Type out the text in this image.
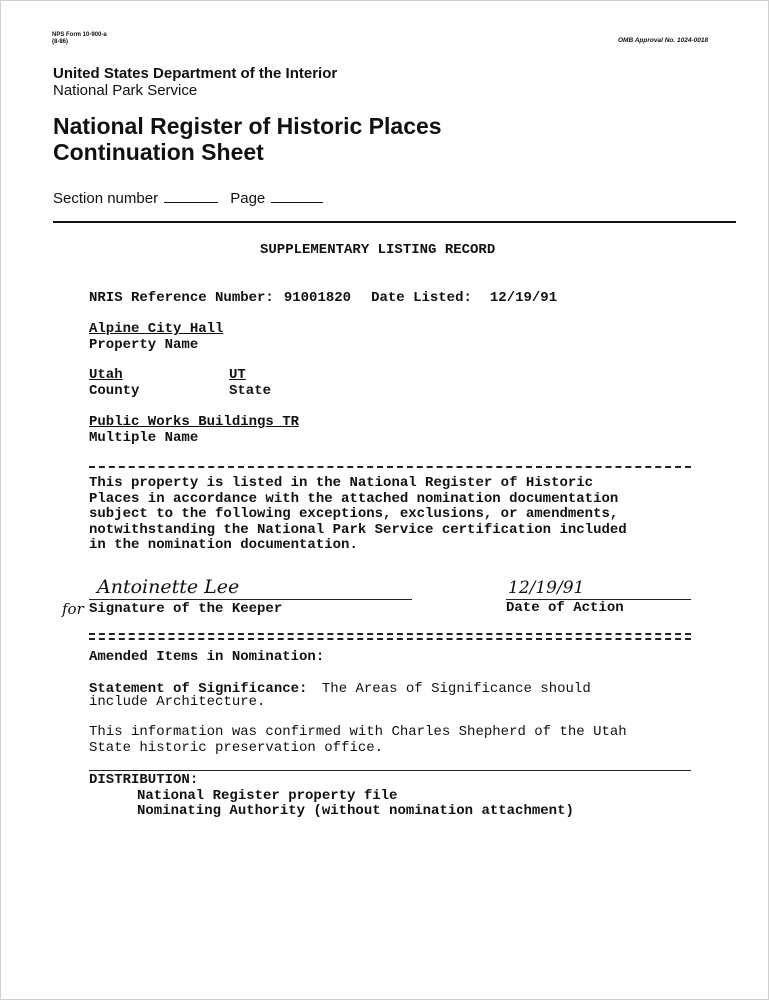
NPS Form 10-900-a
(8-86)	OMB Approval No. 1024-0018
United States Department of the Interior
National Park Service
National Register of Historic Places
Continuation Sheet
Section number	Page
SUPPLEMENTARY LISTING RECORD
NRIS Reference Number: 91001820 Date Listed: 12/19/91
Alpine City Hall
Property Name
Utah
County
UT
State
Public Works Buildings TR
Multiple Name
This property is listed in the National Register of Historic
Places in accordance with the attached nomination documentation
subject to the following exceptions, exclusions, or amendments,
notwithstanding the National Park Service certification included
in the nomination documentation.
Antoinette Lee
for Signature of the Keeper
12/19/91
Date of Action
Amended Items in Nomination:
Statement of Significance: The Areas of Significance should
include Architecture.
This information was confirmed with Charles Shepherd of the Utah
State historic preservation office.
DISTRIBUTION:
National Register property file
Nominating Authority (without nomination attachment)
